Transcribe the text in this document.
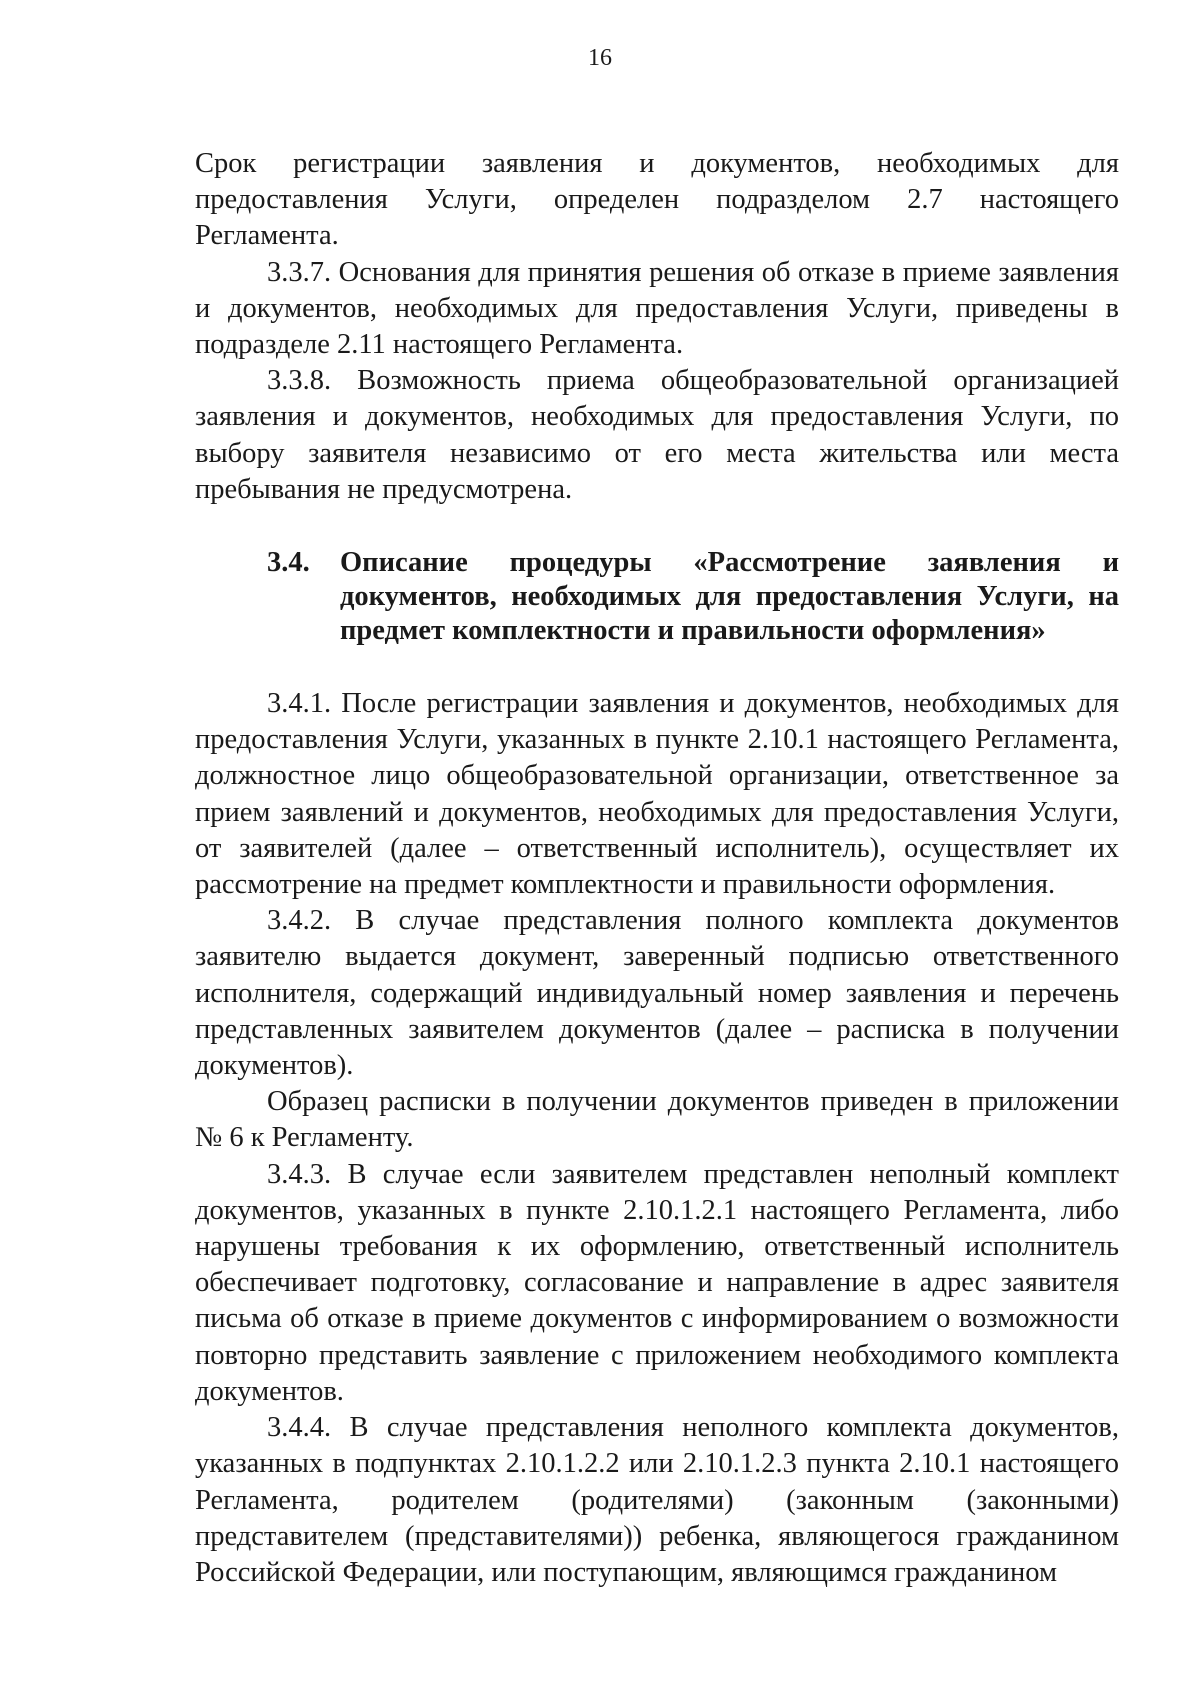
16

Срок регистрации заявления и документов, необходимых для предоставления Услуги, определен подразделом 2.7 настоящего Регламента.

3.3.7. Основания для принятия решения об отказе в приеме заявления и документов, необходимых для предоставления Услуги, приведены в подразделе 2.11 настоящего Регламента.

3.3.8. Возможность приема общеобразовательной организацией заявления и документов, необходимых для предоставления Услуги, по выбору заявителя независимо от его места жительства или места пребывания не предусмотрена.

3.4. Описание процедуры «Рассмотрение заявления и документов, необходимых для предоставления Услуги, на предмет комплектности и правильности оформления»

3.4.1. После регистрации заявления и документов, необходимых для предоставления Услуги, указанных в пункте 2.10.1 настоящего Регламента, должностное лицо общеобразовательной организации, ответственное за прием заявлений и документов, необходимых для предоставления Услуги, от заявителей (далее – ответственный исполнитель), осуществляет их рассмотрение на предмет комплектности и правильности оформления.

3.4.2. В случае представления полного комплекта документов заявителю выдается документ, заверенный подписью ответственного исполнителя, содержащий индивидуальный номер заявления и перечень представленных заявителем документов (далее – расписка в получении документов).

Образец расписки в получении документов приведен в приложении № 6 к Регламенту.

3.4.3. В случае если заявителем представлен неполный комплект документов, указанных в пункте 2.10.1.2.1 настоящего Регламента, либо нарушены требования к их оформлению, ответственный исполнитель обеспечивает подготовку, согласование и направление в адрес заявителя письма об отказе в приеме документов с информированием о возможности повторно представить заявление с приложением необходимого комплекта документов.

3.4.4. В случае представления неполного комплекта документов, указанных в подпунктах 2.10.1.2.2 или 2.10.1.2.3 пункта 2.10.1 настоящего Регламента, родителем (родителями) (законным (законными) представителем (представителями)) ребенка, являющегося гражданином Российской Федерации, или поступающим, являющимся гражданином
